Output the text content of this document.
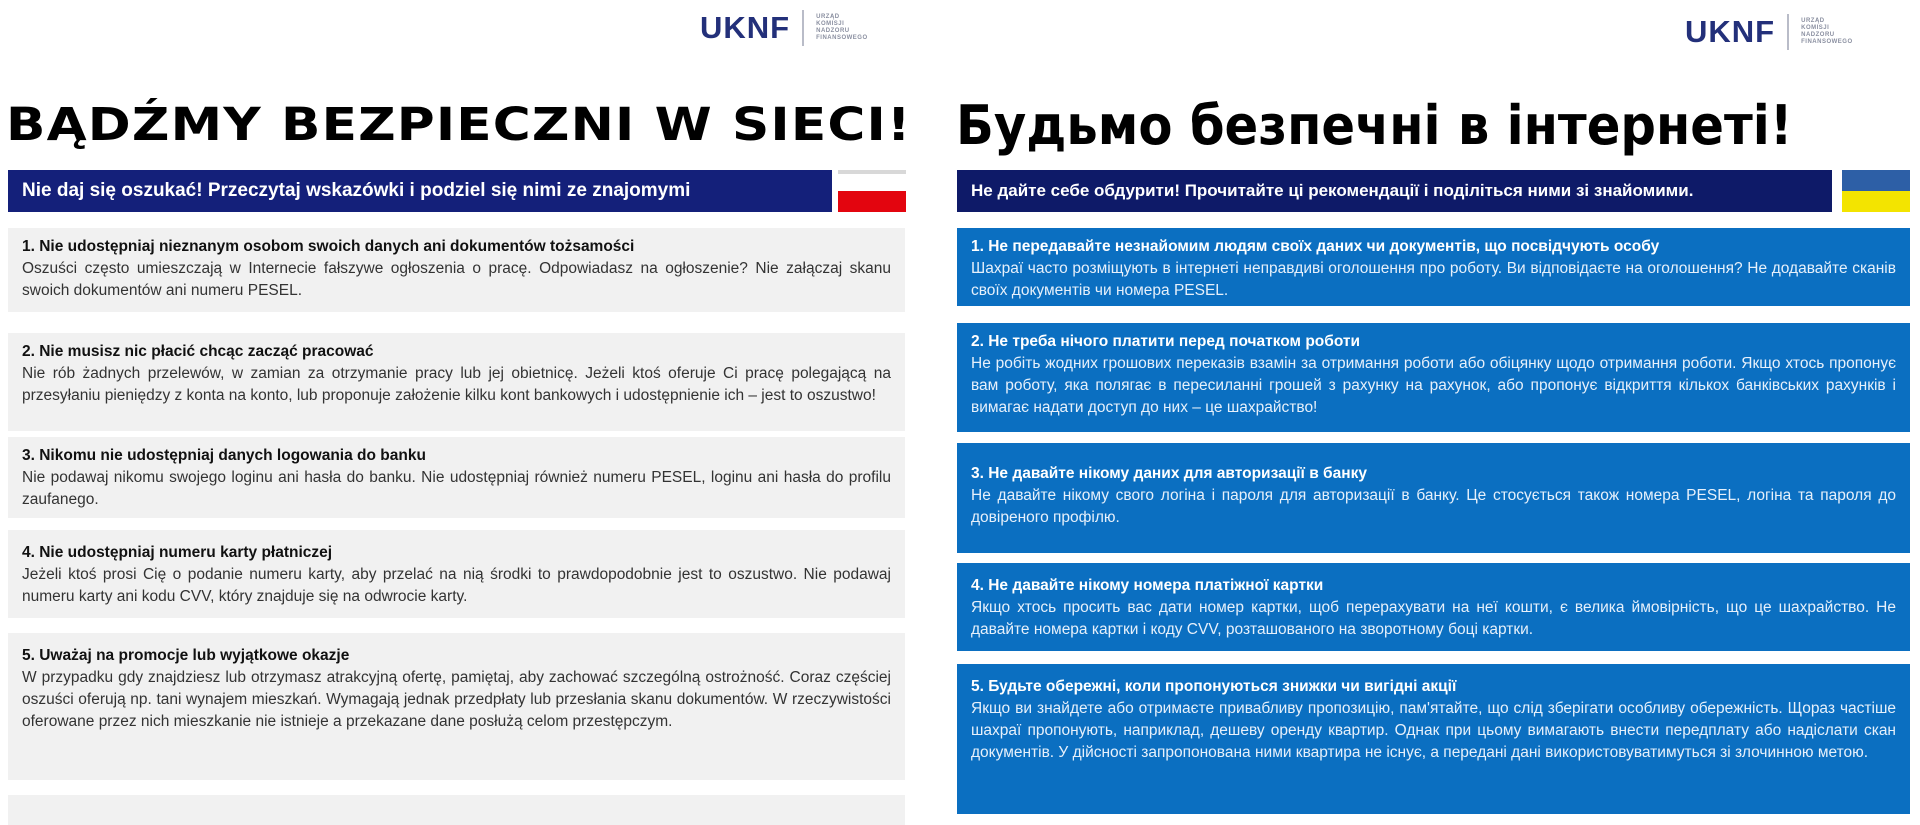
UKNF	URZĄD
KOMISJI
NADZORU
FINANSOWEGO	UKNF	URZĄD
KOMISJI
NADZORU
FINANSOWEGO
BĄDŹMY BEZPIECZNI W SIECI! Будьмо безпечні в інтернеті!
Nie daj się oszukać! Przeczytaj wskazówki i podziel się nimi ze znajomymi	Не дайте себе обдурити! Прочитайте ці рекомендації і поділіться ними зі знайомими.
1. Nie udostępniaj nieznanym osobom swoich danych ani dokumentów tożsamości

Oszuści często umieszczają w Internecie fałszywe ogłoszenia o pracę. Odpowiadasz na ogłoszenie? Nie załączaj skanu swoich dokumentów ani numeru PESEL.

2. Nie musisz nic płacić chcąc zacząć pracować

Nie rób żadnych przelewów, w zamian za otrzymanie pracy lub jej obietnicę. Jeżeli ktoś oferuje Ci pracę polegającą na przesyłaniu pieniędzy z konta na konto, lub proponuje założenie kilku kont bankowych i udostępnienie ich – jest to oszustwo!

3. Nikomu nie udostępniaj danych logowania do banku

Nie podawaj nikomu swojego loginu ani hasła do banku. Nie udostępniaj również numeru PESEL, loginu ani hasła do profilu zaufanego.

4. Nie udostępniaj numeru karty płatniczej

Jeżeli ktoś prosi Cię o podanie numeru karty, aby przelać na nią środki to prawdopodobnie jest to oszustwo. Nie podawaj numeru karty ani kodu CVV, który znajduje się na odwrocie karty.

5. Uważaj na promocje lub wyjątkowe okazje

W przypadku gdy znajdziesz lub otrzymasz atrakcyjną ofertę, pamiętaj, aby zachować szczególną ostrożność. Coraz częściej oszuści oferują np. tani wynajem mieszkań. Wymagają jednak przedpłaty lub przesłania skanu dokumentów. W rzeczywistości oferowane przez nich mieszkanie nie istnieje a przekazane dane posłużą celom przestępczym.

1. Не передавайте незнайомим людям своїх даних чи документів, що посвідчують особу

Шахраї часто розміщують в інтернеті неправдиві оголошення про роботу. Ви відповідаєте на оголошення? Не додавайте сканів своїх документів чи номера PESEL.

2. Не треба нічого платити перед початком роботи

Не робіть жодних грошових переказів взамін за отримання роботи або обіцянку щодо отримання роботи. Якщо хтось пропонує вам роботу, яка полягає в пересиланні грошей з рахунку на рахунок, або пропонує відкриття кількох банківських рахунків і вимагає надати доступ до них – це шахрайство!

3. Не давайте нікому даних для авторизації в банку

Не давайте нікому свого логіна і пароля для авторизації в банку. Це стосується також номера PESEL, логіна та пароля до довіреного профілю.

4. Не давайте нікому номера платіжної картки

Якщо хтось просить вас дати номер картки, щоб перерахувати на неї кошти, є велика ймовірність, що це шахрайство. Не давайте номера картки і коду CVV, розташованого на зворотному боці картки.

5. Будьте обережні, коли пропонуються знижки чи вигідні акції

Якщо ви знайдете або отримаєте привабливу пропозицію, пам'ятайте, що слід зберігати особливу обережність. Щораз частіше шахраї пропонують, наприклад, дешеву оренду квартир. Однак при цьому вимагають внести передплату або надіслати скан документів. У дійсності запропонована ними квартира не існує, а передані дані використовуватимуться зі злочинною метою.
